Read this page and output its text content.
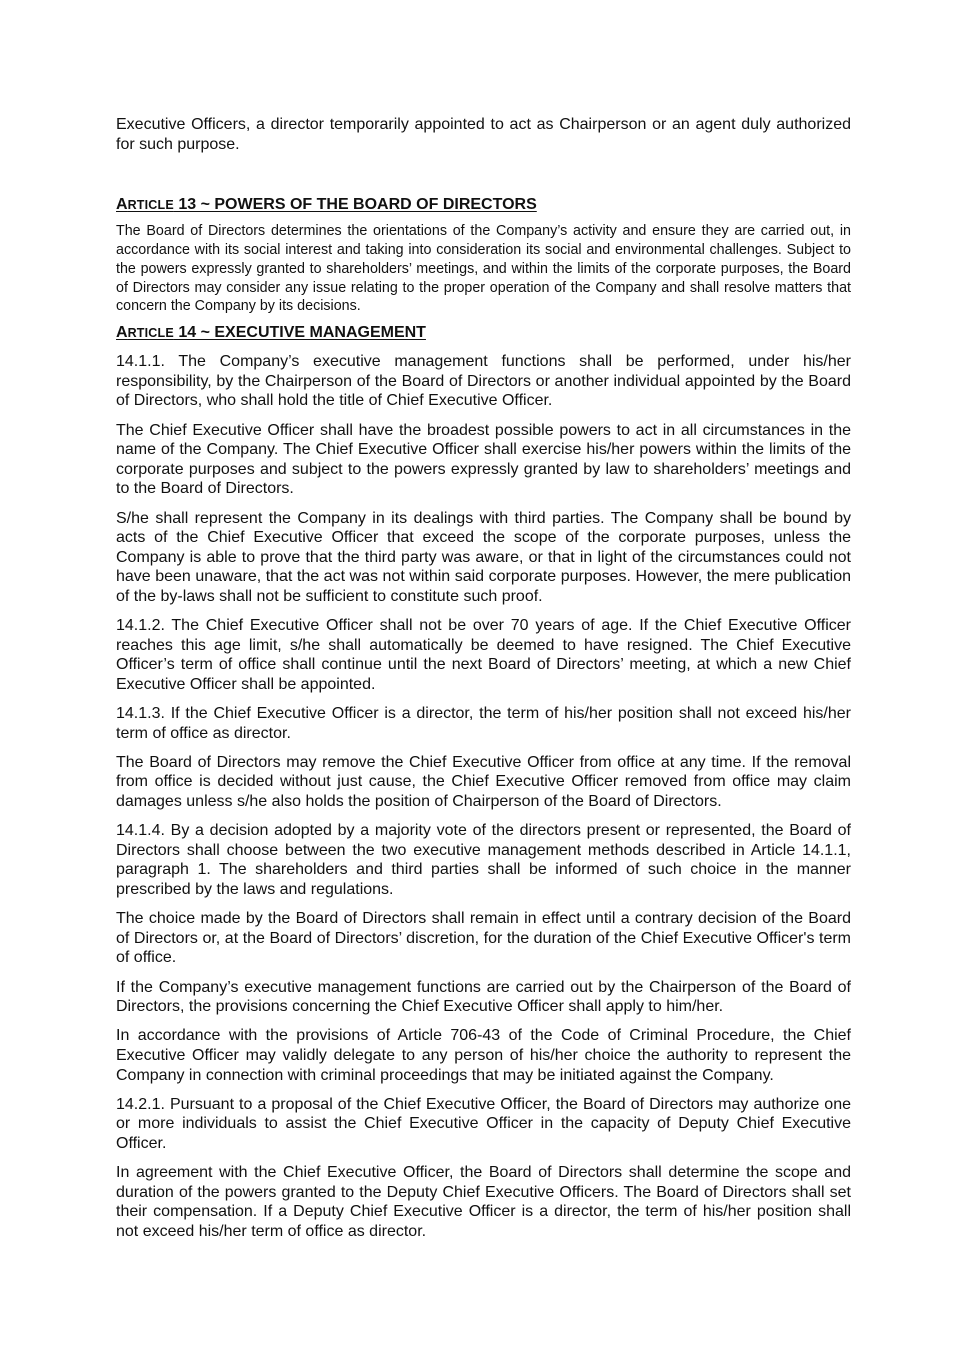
Executive Officers, a director temporarily appointed to act as Chairperson or an agent duly authorized for such purpose.

ARTICLE 13 ~ POWERS OF THE BOARD OF DIRECTORS

The Board of Directors determines the orientations of the Company’s activity and ensure they are carried out, in accordance with its social interest and taking into consideration its social and environmental challenges. Subject to the powers expressly granted to shareholders’ meetings, and within the limits of the corporate purposes, the Board of Directors may consider any issue relating to the proper operation of the Company and shall resolve matters that concern the Company by its decisions.

ARTICLE 14 ~ EXECUTIVE MANAGEMENT

14.1.1. The Company’s executive management functions shall be performed, under his/her responsibility, by the Chairperson of the Board of Directors or another individual appointed by the Board of Directors, who shall hold the title of Chief Executive Officer.

The Chief Executive Officer shall have the broadest possible powers to act in all circumstances in the name of the Company. The Chief Executive Officer shall exercise his/her powers within the limits of the corporate purposes and subject to the powers expressly granted by law to shareholders’ meetings and to the Board of Directors.

S/he shall represent the Company in its dealings with third parties. The Company shall be bound by acts of the Chief Executive Officer that exceed the scope of the corporate purposes, unless the Company is able to prove that the third party was aware, or that in light of the circumstances could not have been unaware, that the act was not within said corporate purposes. However, the mere publication of the by-laws shall not be sufficient to constitute such proof.

14.1.2. The Chief Executive Officer shall not be over 70 years of age. If the Chief Executive Officer reaches this age limit, s/he shall automatically be deemed to have resigned. The Chief Executive Officer’s term of office shall continue until the next Board of Directors’ meeting, at which a new Chief Executive Officer shall be appointed.

14.1.3. If the Chief Executive Officer is a director, the term of his/her position shall not exceed his/her term of office as director.

The Board of Directors may remove the Chief Executive Officer from office at any time. If the removal from office is decided without just cause, the Chief Executive Officer removed from office may claim damages unless s/he also holds the position of Chairperson of the Board of Directors.

14.1.4. By a decision adopted by a majority vote of the directors present or represented, the Board of Directors shall choose between the two executive management methods described in Article 14.1.1, paragraph 1. The shareholders and third parties shall be informed of such choice in the manner prescribed by the laws and regulations.

The choice made by the Board of Directors shall remain in effect until a contrary decision of the Board of Directors or, at the Board of Directors’ discretion, for the duration of the Chief Executive Officer's term of office.

If the Company’s executive management functions are carried out by the Chairperson of the Board of Directors, the provisions concerning the Chief Executive Officer shall apply to him/her.

In accordance with the provisions of Article 706-43 of the Code of Criminal Procedure, the Chief Executive Officer may validly delegate to any person of his/her choice the authority to represent the Company in connection with criminal proceedings that may be initiated against the Company.

14.2.1. Pursuant to a proposal of the Chief Executive Officer, the Board of Directors may authorize one or more individuals to assist the Chief Executive Officer in the capacity of Deputy Chief Executive Officer.

In agreement with the Chief Executive Officer, the Board of Directors shall determine the scope and duration of the powers granted to the Deputy Chief Executive Officers. The Board of Directors shall set their compensation. If a Deputy Chief Executive Officer is a director, the term of his/her position shall not exceed his/her term of office as director.
